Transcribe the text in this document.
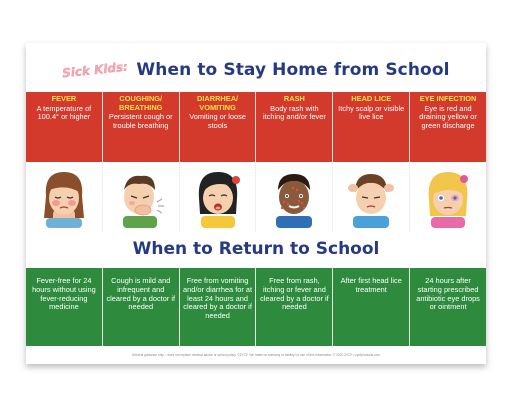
Sick Kids: When to Stay Home from School
FEVER
A temperature of 100.4° or higher
COUGHING/ BREATHING
Persistent cough or trouble breathing
DIARRHEA/ VOMITING
Vomiting or loose stools
RASH
Body rash with itching and/or fever
HEAD LICE
Itchy scalp or visible live lice
EYE INFECTION
Eye is red and draining yellow or green discharge
When to Return to School
Fever-free for 24 hours without using fever-reducing medicine
Cough is mild and infrequent and cleared by a doctor if needed
Free from vomiting and/or diarrhea for at least 24 hours and cleared by a doctor if needed
Free from rash, itching or fever and cleared by a doctor if needed
After first head lice treatment
24 hours after starting prescribed antibiotic eye drops or ointment
General guidance only – does not replace medical advice or school policy. ©ZYCF. We make no warranty or liability for use of this information. © 2020 ZYCF • zycfproducts.com
